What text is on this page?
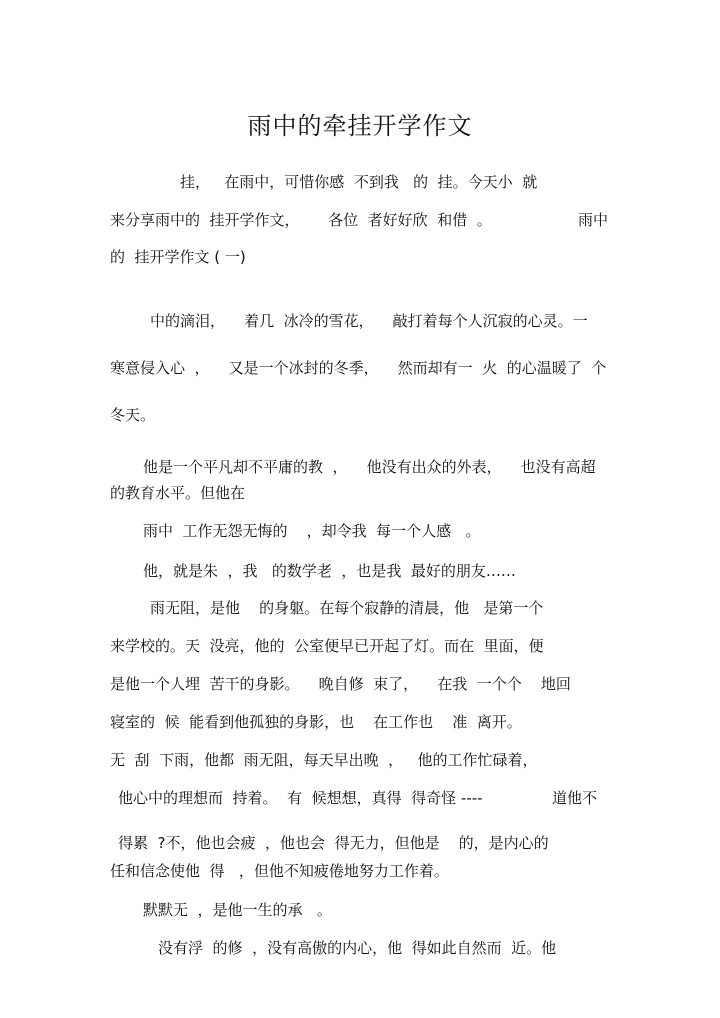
雨中的牵挂开学作文
挂，   在雨中，可惜你感  不到我   的  挂。今天小  就
来分享雨中的  挂开学作文，      各位  者好好欣  和借  。	雨中
的  挂开学作文 ( 一)
中的滴泪，    着几  冰冷的雪花，    敲打着每个人沉寂的心灵。一
寒意侵入心  ，    又是一个冰封的冬季，    然而却有一  火  的心温暖了  个
冬天。
他是一个平凡却不平庸的教  ，    他没有出众的外表，    也没有高超
的教育水平。但他在
雨中  工作无怨无悔的    ，却令我  每一个人感   。
他，就是朱  ，我   的数学老  ，也是我  最好的朋友……
雨无阻，是他    的身躯。在每个寂静的清晨，他   是第一个
来学校的。天  没亮，他的  公室便早已开起了灯。而在  里面，便
是他一个人埋  苦干的身影。    晚自修  束了，    在我  一个个    地回
寝室的  候  能看到他孤独的身影，也    在工作也    准  离开。
无  刮  下雨，他都  雨无阻，每天早出晚  ，   他的工作忙碌着，
他心中的理想而  持着。  有  候想想，真得  得奇怪 ----	道他不
得累  ?不，他也会疲  ，他也会  得无力，但他是    的，是内心的
任和信念使他  得   ，但他不知疲倦地努力工作着。
默默无  ，是他一生的承   。
没有浮  的修  ，没有高傲的内心，他  得如此自然而  近。他
